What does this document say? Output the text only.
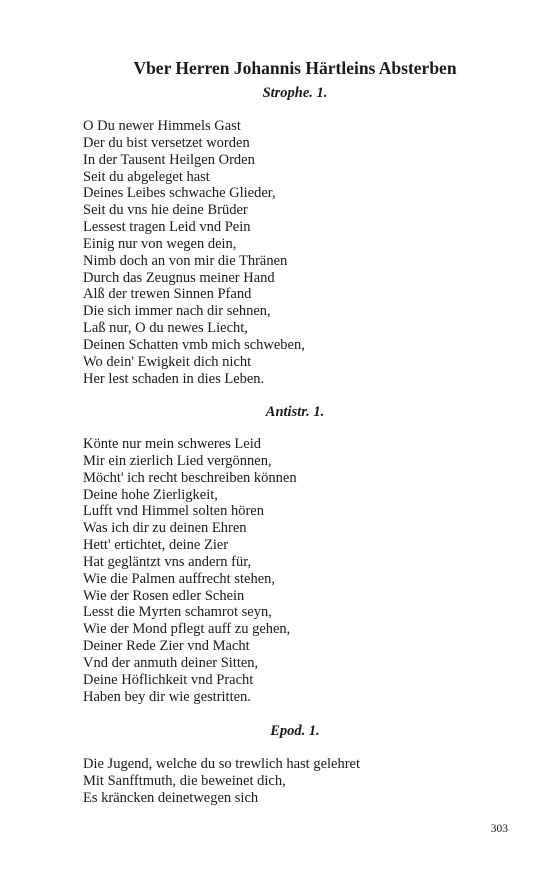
Vber Herren Johannis Härtleins Absterben
Strophe. 1.
O Du newer Himmels Gast
Der du bist versetzet worden
In der Tausent Heilgen Orden
Seit du abgeleget hast
Deines Leibes schwache Glieder,
Seit du vns hie deine Brüder
Lessest tragen Leid vnd Pein
Einig nur von wegen dein,
Nimb doch an von mir die Thränen
Durch das Zeugnus meiner Hand
Alß der trewen Sinnen Pfand
Die sich immer nach dir sehnen,
Laß nur, O du newes Liecht,
Deinen Schatten vmb mich schweben,
Wo dein' Ewigkeit dich nicht
Her lest schaden in dies Leben.
Antistr. 1.
Könte nur mein schweres Leid
Mir ein zierlich Lied vergönnen,
Möcht' ich recht beschreiben können
Deine hohe Zierligkeit,
Lufft vnd Himmel solten hören
Was ich dir zu deinen Ehren
Hett' ertichtet, deine Zier
Hat gegläntzt vns andern für,
Wie die Palmen auffrecht stehen,
Wie der Rosen edler Schein
Lesst die Myrten schamrot seyn,
Wie der Mond pflegt auff zu gehen,
Deiner Rede Zier vnd Macht
Vnd der anmuth deiner Sitten,
Deine Höflichkeit vnd Pracht
Haben bey dir wie gestritten.
Epod. 1.
Die Jugend, welche du so trewlich hast gelehret
Mit Sanfftmuth, die beweinet dich,
Es kräncken deinetwegen sich

303
